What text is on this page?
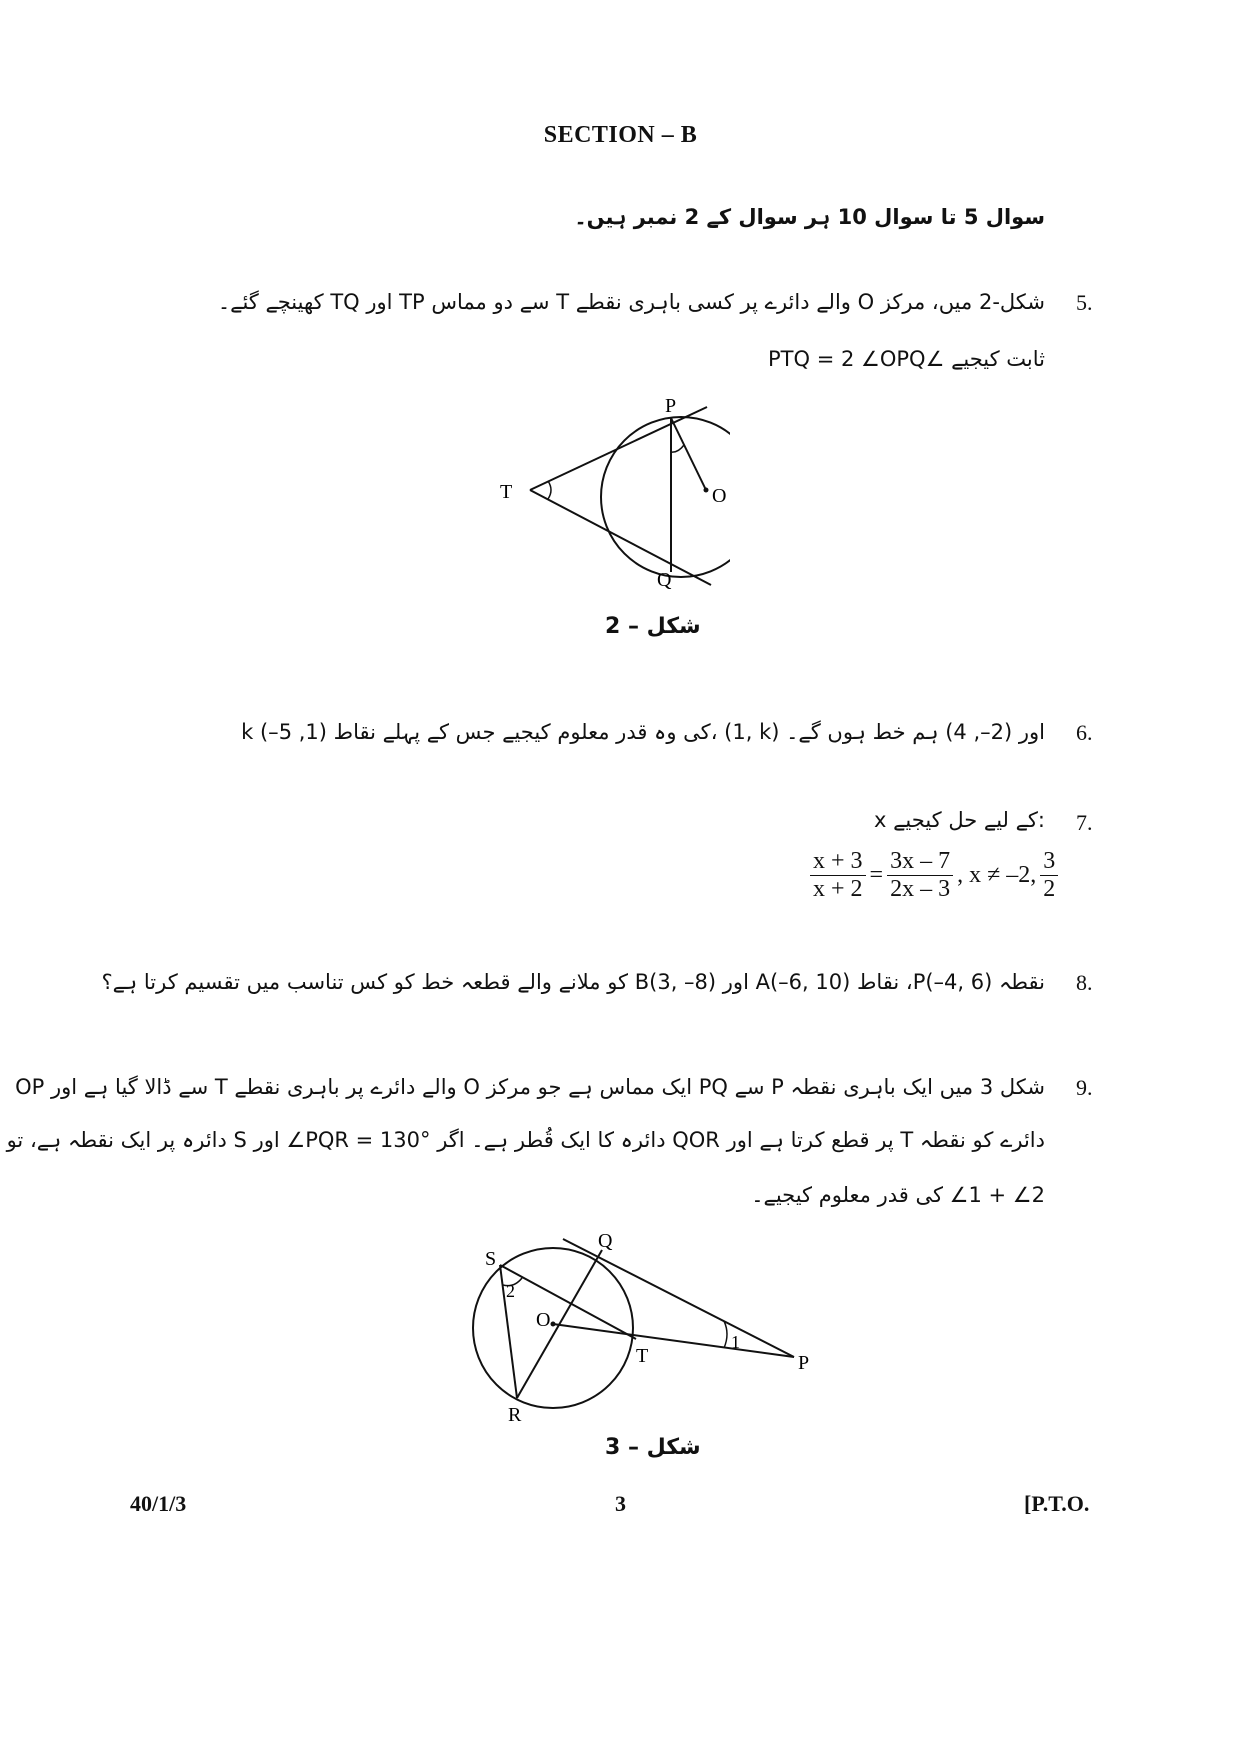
SECTION – B
سوال 5 تا سوال 10 ہر سوال کے 2 نمبر ہیں۔
5.
شکل-2 میں، مرکز O والے دائرے پر کسی باہری نقطے T سے دو مماس TP اور TQ کھینچے گئے۔
ثابت کیجیے ∠PTQ = 2 ∠OPQ
P
T	O
Q
شکل – 2
6.
k کی وہ قدر معلوم کیجیے جس کے پہلے نقاط (1, 5–)، (1, k) اور (2–, 4) ہم خط ہوں گے۔
7.
x کے لیے حل کیجیے:
$\frac{x + 3}{x + 2} = \frac{3x - 7}{2x - 3}$ , x ≠ –2, $\frac{3}{2}$
8.
نقطہ P(–4, 6)، نقاط A(–6, 10) اور B(3, –8) کو ملانے والے قطعہ خط کو کس تناسب میں تقسیم کرتا ہے؟
9.
شکل 3 میں ایک باہری نقطہ P سے PQ ایک مماس ہے جو مرکز O والے دائرے پر باہری نقطے T سے ڈالا گیا ہے اور OP
دائرے کو نقطہ T پر قطع کرتا ہے اور QOR دائرہ کا ایک قُطر ہے۔ اگر PQR = 130°∠ اور S دائرہ پر ایک نقطہ ہے، تو
2∠ + 1∠ کی قدر معلوم کیجیے۔
S
Q
O
T	P
R
2
1
شکل – 3
40/1/3	3	[P.T.O.
